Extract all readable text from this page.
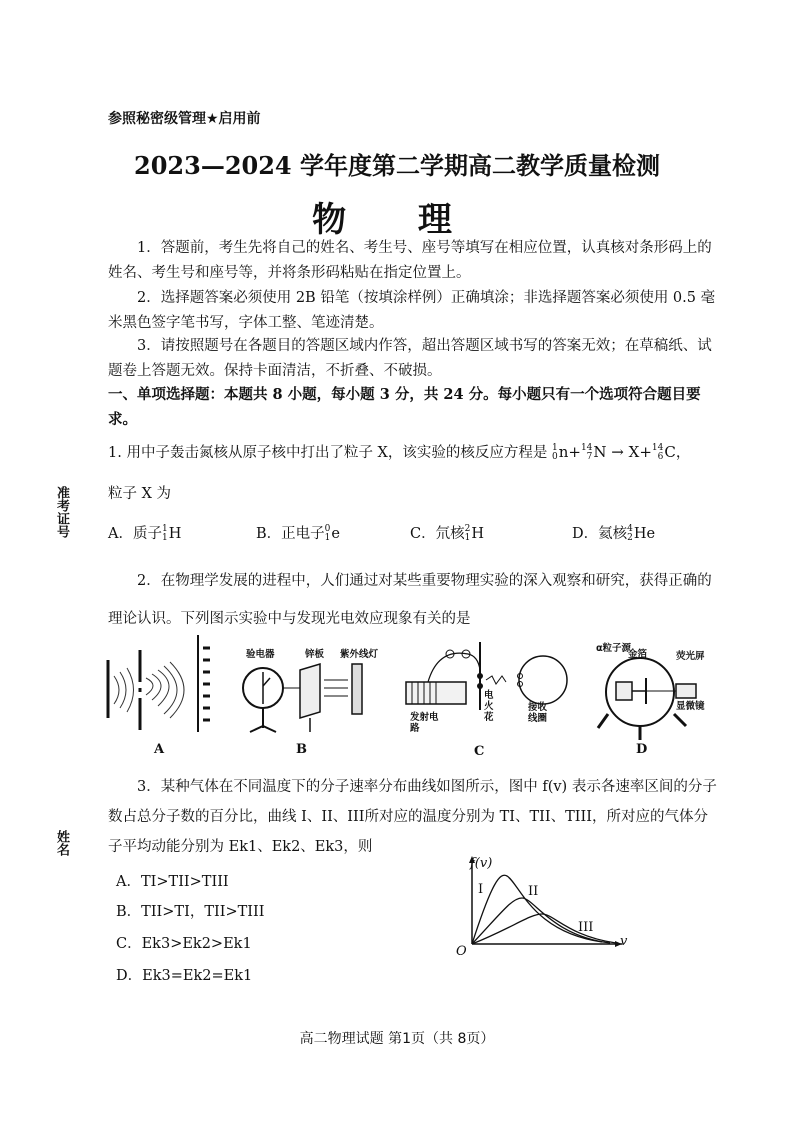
参照秘密级管理★启用前
2023—2024 学年度第二学期高二教学质量检测
物 理
准考证号
姓名
1．答题前，考生先将自己的姓名、考生号、座号等填写在相应位置，认真核对条形码上的姓名、考生号和座号等，并将条形码粘贴在指定位置上。
2．选择题答案必须使用 2B 铅笔（按填涂样例）正确填涂；非选择题答案必须使用 0.5 毫米黑色签字笔书写，字体工整、笔迹清楚。
3．请按照题号在各题目的答题区域内作答，超出答题区域书写的答案无效；在草稿纸、试题卷上答题无效。保持卡面清洁，不折叠、不破损。
一、单项选择题：本题共 8 小题，每小题 3 分，共 24 分。每小题只有一个选项符合题目要求。
1. 用中子轰击氮核从原子核中打出了粒子 X，该实验的核反应方程是 1
0 n+ 14
7 N → X+ 14
6 C，
粒子 X 为
A．质子 1
1 H	B．正电子 0
1 e	C．氘核 2
1 H	D．氦核 4
2 He
2．在物理学发展的进程中，人们通过对某些重要物理实验的深入观察和研究，获得正确的理论认识。下列图示实验中与发现光电效应现象有关的是
验电器	锌板 紫外线灯
发射电路
电火花
接收线圈
α粒子源
金箔	荧光屏
显微镜
A	B	C	D
3．某种气体在不同温度下的分子速率分布曲线如图所示，图中 f(v) 表示各速率区间的分子数占总分子数的百分比，曲线 I、II、III所对应的温度分别为 TI、TII、TIII，所对应的气体分子平均动能分别为 Ek1、Ek2、Ek3，则
A．TI>TII>TIII
B．TII>TI，TII>TIII
C．Ek3>Ek2>Ek1
D．Ek3=Ek2=Ek1
f(v)
v
O
I	II
III
高二物理试题 第1页（共 8页）
